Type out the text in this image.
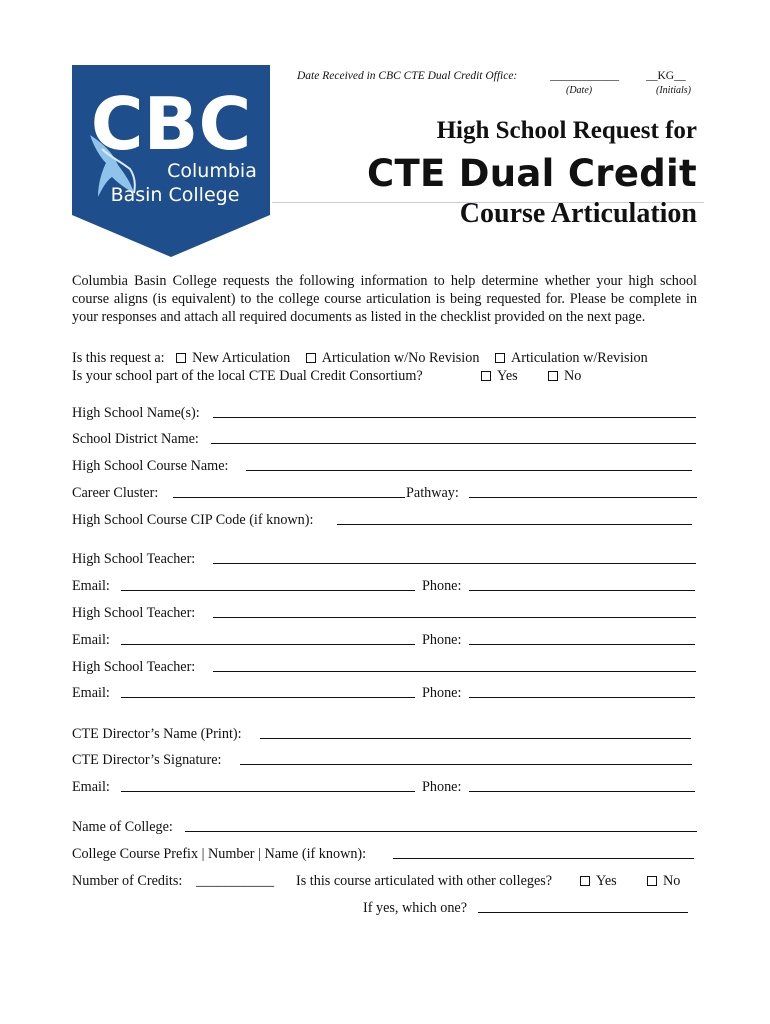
CBC
Columbia
Basin College
Date Received in CBC CTE Dual Credit Office:	____________ __KG__
(Date)	(Initials)
High School Request for
CTE Dual Credit
Course Articulation
Columbia Basin College requests the following information to help determine whether your high school course aligns (is equivalent) to the college course articulation is being requested for. Please be complete in your responses and attach all required documents as listed in the checklist provided on the next page.
Is this request a: New Articulation Articulation w/No Revision Articulation w/Revision
Is your school part of the local CTE Dual Credit Consortium?	Yes	No
High School Name(s):
School District Name:
High School Course Name:
Career Cluster:	Pathway:
High School Course CIP Code (if known):
High School Teacher:
Email:	Phone:
High School Teacher:
Email:	Phone:
High School Teacher:
Email:	Phone:
CTE Director’s Name (Print):
CTE Director’s Signature:
Email:	Phone:
Name of College:
College Course Prefix | Number | Name (if known):
Number of Credits: ___________ Is this course articulated with other colleges?	Yes	No
If yes, which one?
